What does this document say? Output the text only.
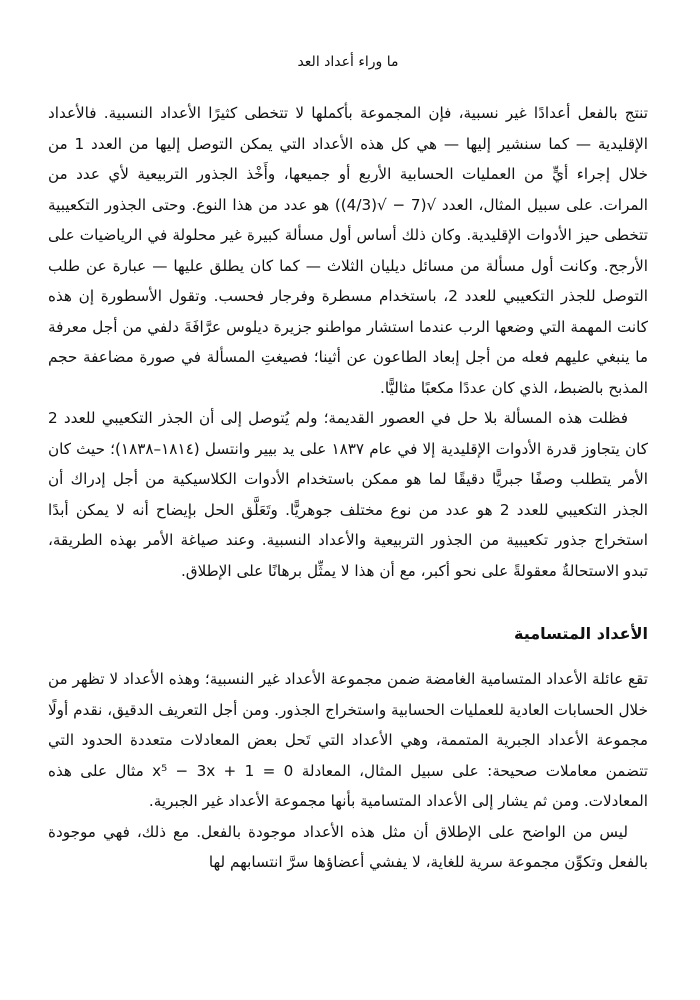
ما وراء أعداد العد

تنتج بالفعل أعدادًا غير نسبية، فإن المجموعة بأكملها لا تتخطى كثيرًا الأعداد النسبية. فالأعداد الإقليدية — كما سنشير إليها — هي كل هذه الأعداد التي يمكن التوصل إليها من العدد 1 من خلال إجراء أيٍّ من العمليات الحسابية الأربع أو جميعها، وأَخْذ الجذور التربيعية لأي عدد من المرات. على سبيل المثال، العدد √(7 − √(4/3)) هو عدد من هذا النوع. وحتى الجذور التكعيبية تتخطى حيز الأدوات الإقليدية. وكان ذلك أساس أول مسألة كبيرة غير محلولة في الرياضيات على الأرجح. وكانت أول مسألة من مسائل ديليان الثلاث — كما كان يطلق عليها — عبارة عن طلب التوصل للجذر التكعيبي للعدد 2، باستخدام مسطرة وفرجار فحسب. وتقول الأسطورة إن هذه كانت المهمة التي وضعها الرب عندما استشار مواطنو جزيرة ديلوس عرَّافَةَ دلفي من أجل معرفة ما ينبغي عليهم فعله من أجل إبعاد الطاعون عن أثينا؛ فصيغتِ المسألة في صورة مضاعفة حجم المذبح بالضبط، الذي كان عددًا مكعبًا مثاليًّا.

فظلت هذه المسألة بلا حل في العصور القديمة؛ ولم يُتوصل إلى أن الجذر التكعيبي للعدد 2 كان يتجاوز قدرة الأدوات الإقليدية إلا في عام ١٨٣٧ على يد بيير وانتسل (١٨١٤–١٨٣٨)؛ حيث كان الأمر يتطلب وصفًا جبريًّا دقيقًا لما هو ممكن باستخدام الأدوات الكلاسيكية من أجل إدراك أن الجذر التكعيبي للعدد 2 هو عدد من نوع مختلف جوهريًّا. وتَعَلَّق الحل بإيضاح أنه لا يمكن أبدًا استخراج جذور تكعيبية من الجذور التربيعية والأعداد النسبية. وعند صياغة الأمر بهذه الطريقة، تبدو الاستحالةُ معقولةً على نحو أكبر، مع أن هذا لا يمثِّل برهانًا على الإطلاق.

الأعداد المتسامية

تقع عائلة الأعداد المتسامية الغامضة ضمن مجموعة الأعداد غير النسبية؛ وهذه الأعداد لا تظهر من خلال الحسابات العادية للعمليات الحسابية واستخراج الجذور. ومن أجل التعريف الدقيق، نقدم أولًا مجموعة الأعداد الجبرية المتممة، وهي الأعداد التي تَحل بعض المعادلات متعددة الحدود التي تتضمن معاملات صحيحة: على سبيل المثال، المعادلة x⁵ − 3x + 1 = 0 مثال على هذه المعادلات. ومن ثم يشار إلى الأعداد المتسامية بأنها مجموعة الأعداد غير الجبرية.

ليس من الواضح على الإطلاق أن مثل هذه الأعداد موجودة بالفعل. مع ذلك، فهي موجودة بالفعل وتكوِّن مجموعة سرية للغاية، لا يفشي أعضاؤها سرَّ انتسابهم لها
